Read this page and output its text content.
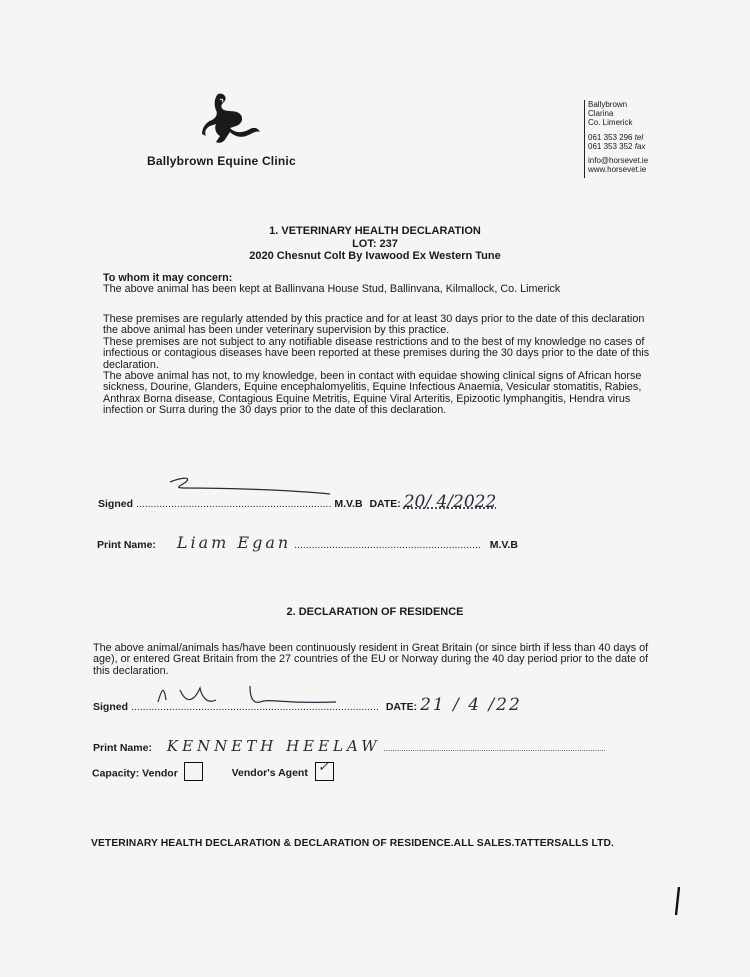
Ballybrown Equine Clinic
Ballybrown
Clarina
Co. Limerick
061 353 296 tel
061 353 352 fax
info@horsevet.ie
www.horsevet.ie
1. VETERINARY HEALTH DECLARATION
LOT: 237
2020 Chesnut Colt By Ivawood Ex Western Tune
To whom it may concern:
The above animal has been kept at Ballinvana House Stud, Ballinvana, Kilmallock, Co. Limerick
These premises are regularly attended by this practice and for at least 30 days prior to the date of this declaration the above animal has been under veterinary supervision by this practice.
These premises are not subject to any notifiable disease restrictions and to the best of my knowledge no cases of infectious or contagious diseases have been reported at these premises during the 30 days prior to the date of this declaration.
The above animal has not, to my knowledge, been in contact with equidae showing clinical signs of African horse sickness, Dourine, Glanders, Equine encephalomyelitis, Equine Infectious Anaemia, Vesicular stomatitis, Rabies, Anthrax Borna disease, Contagious Equine Metritis, Equine Viral Arteritis, Epizootic lymphangitis, Hendra virus infection or Surra during the 30 days prior to the date of this declaration.
Signed ................................................................... M.V.B DATE: 20/ 4/2022
Print Name: Liam Egan ................................................................ M.V.B
2. DECLARATION OF RESIDENCE
The above animal/animals has/have been continuously resident in Great Britain (or since birth if less than 40 days of age), or entered Great Britain from the 27 countries of the EU or Norway during the 40 day period prior to the date of this declaration.
Signed ..................................................................................... DATE: 21 / 4 /22
Print Name: KENNETH HEELAW ....................................................................................................
Capacity: Vendor	Vendor's Agent ✓
VETERINARY HEALTH DECLARATION & DECLARATION OF RESIDENCE.ALL SALES.TATTERSALLS LTD.
